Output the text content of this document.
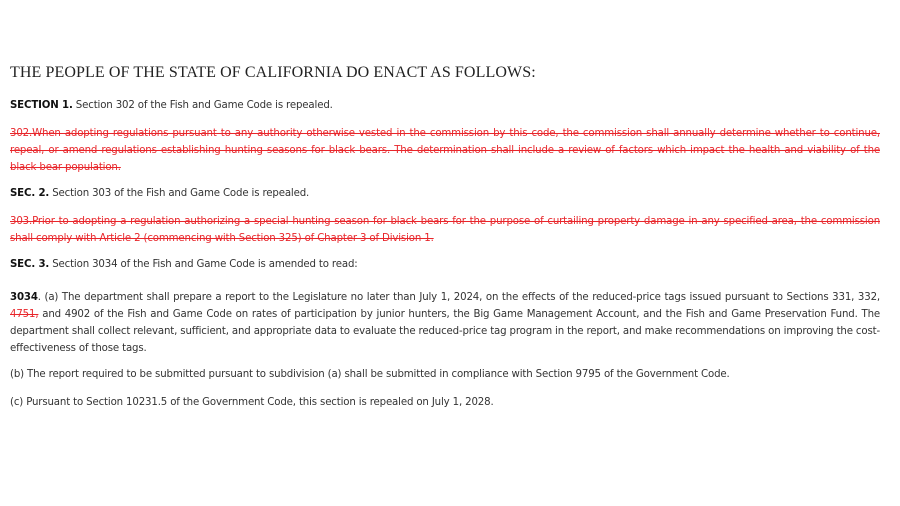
THE PEOPLE OF THE STATE OF CALIFORNIA DO ENACT AS FOLLOWS:

SECTION 1. Section 302 of the Fish and Game Code is repealed.

302.When adopting regulations pursuant to any authority otherwise vested in the commission by this code, the commission shall annually determine whether to continue, repeal, or amend regulations establishing hunting seasons for black bears. The determination shall include a review of factors which impact the health and viability of the black bear population.

SEC. 2. Section 303 of the Fish and Game Code is repealed.

303.Prior to adopting a regulation authorizing a special hunting season for black bears for the purpose of curtailing property damage in any specified area, the commission shall comply with Article 2 (commencing with Section 325) of Chapter 3 of Division 1.

SEC. 3. Section 3034 of the Fish and Game Code is amended to read:

3034. (a) The department shall prepare a report to the Legislature no later than July 1, 2024, on the effects of the reduced-price tags issued pursuant to Sections 331, 332, 4751, and 4902 of the Fish and Game Code on rates of participation by junior hunters, the Big Game Management Account, and the Fish and Game Preservation Fund. The department shall collect relevant, sufficient, and appropriate data to evaluate the reduced-price tag program in the report, and make recommendations on improving the cost-effectiveness of those tags.

(b) The report required to be submitted pursuant to subdivision (a) shall be submitted in compliance with Section 9795 of the Government Code.

(c) Pursuant to Section 10231.5 of the Government Code, this section is repealed on July 1, 2028.
